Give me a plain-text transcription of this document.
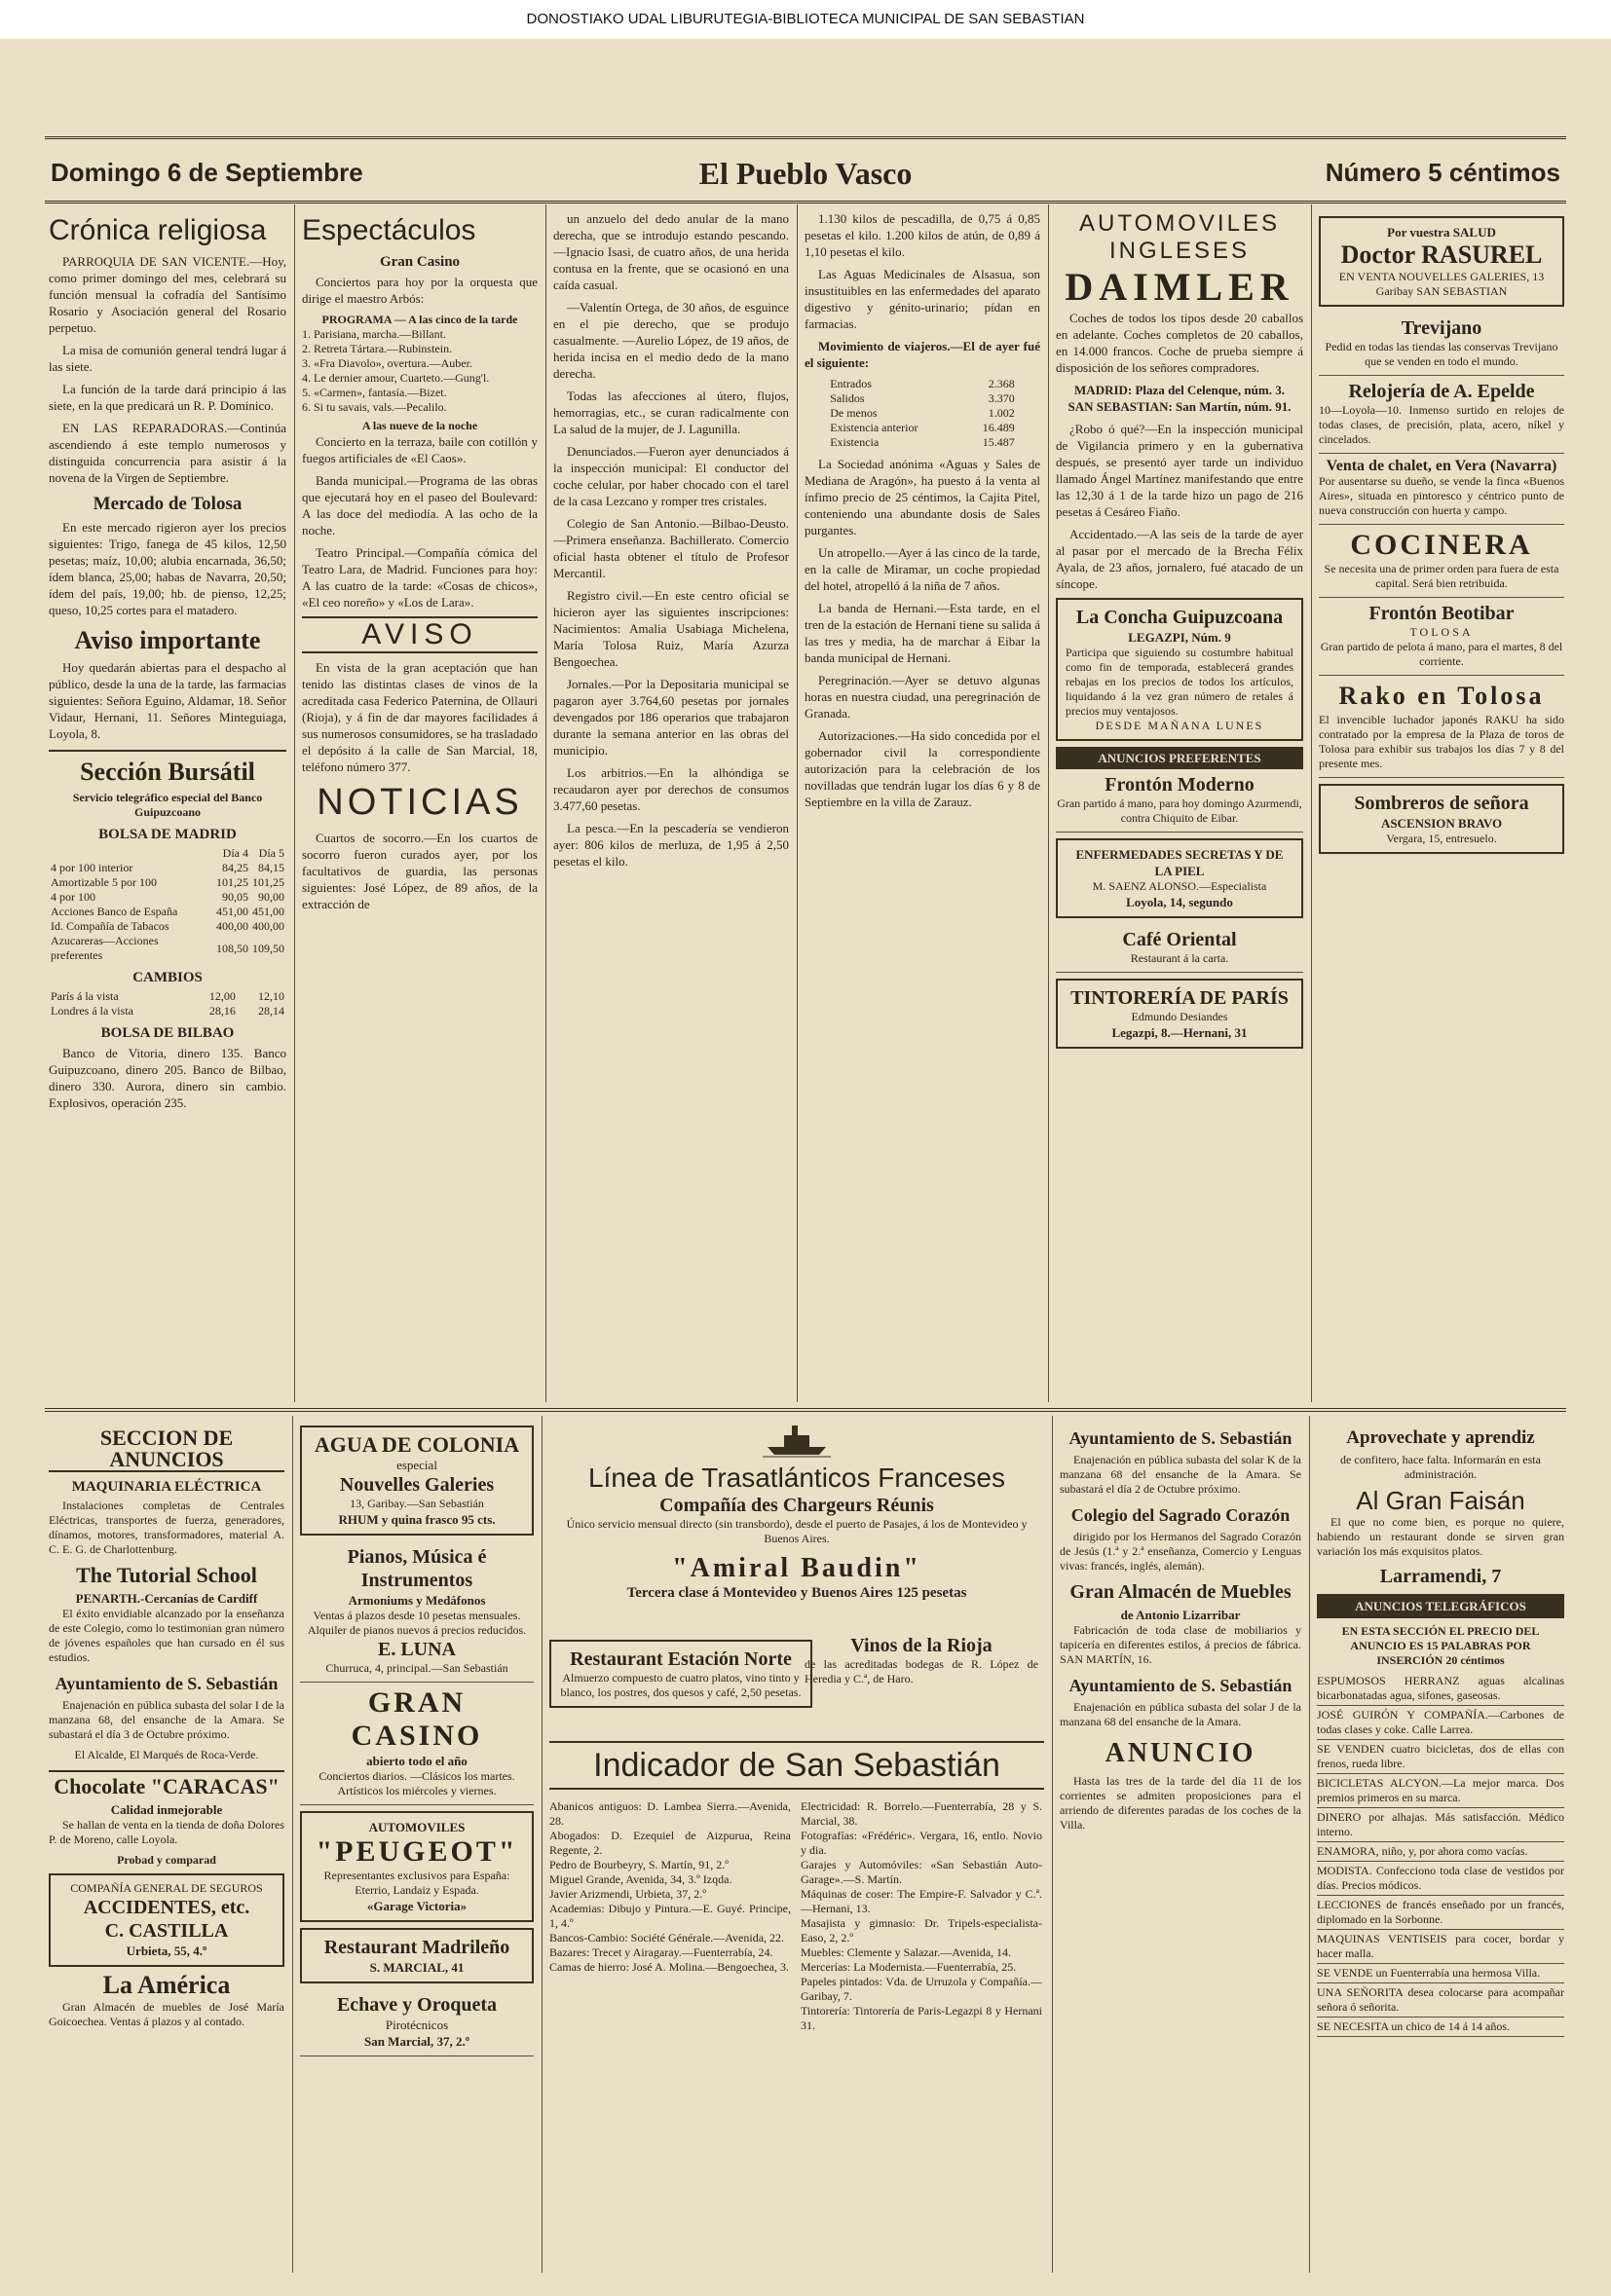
DONOSTIAKO UDAL LIBURUTEGIA-BIBLIOTECA MUNICIPAL DE SAN SEBASTIAN
Domingo 6 de Septiembre	El Pueblo Vasco	Número 5 céntimos
Crónica religiosa

PARROQUIA DE SAN VICENTE.—Hoy, como primer domingo del mes, celebrará su función mensual la cofradía del Santísimo Rosario y Asociación general del Rosario perpetuo.

La misa de comunión general tendrá lugar á las siete.

La función de la tarde dará principio á las siete, en la que predicará un R. P. Dominico.

EN LAS REPARADORAS.—Continúa ascendiendo á este templo numerosos y distinguida concurrencia para asistir á la novena de la Virgen de Septiembre.

Mercado de Tolosa

En este mercado rigieron ayer los precios siguientes: Trigo, fanega de 45 kilos, 12,50 pesetas; maíz, 10,00; alubia encarnada, 36,50; ídem blanca, 25,00; habas de Navarra, 20,50; ídem del país, 19,00; hb. de pienso, 12,25; queso, 10,25 cortes para el matadero.

Aviso importante

Hoy quedarán abiertas para el despacho al público, desde la una de la tarde, las farmacias siguientes: Señora Eguino, Aldamar, 18. Señor Vidaur, Hernani, 11. Señores Minteguiaga, Loyola, 8.

Sección Bursátil
Servicio telegráfico especial del Banco Guipuzcoano
BOLSA DE MADRID
	Día 4	Día 5
4 por 100 interior	84,25	84,15
Amortizable 5 por 100	101,25	101,25
4 por 100	90,05	90,00
Acciones Banco de España	451,00	451,00
Id. Compañía de Tabacos	400,00	400,00
Azucareras—Acciones preferentes	108,50	109,50
CAMBIOS
París á la vista	12,00	12,10
Londres á la vista	28,16	28,14
BOLSA DE BILBAO

Banco de Vitoria, dinero 135. Banco Guipuzcoano, dinero 205. Banco de Bilbao, dinero 330. Aurora, dinero sin cambio. Explosivos, operación 235.

Espectáculos
Gran Casino

Conciertos para hoy por la orquesta que dirige el maestro Arbós:

PROGRAMA — A las cinco de la tarde
1. Parisiana, marcha.—Billant.
2. Retreta Tártara.—Rubinstein.
3. «Fra Diavolo», overtura.—Auber.
4. Le dernier amour, Cuarteto.—Gung'l.
5. «Carmen», fantasía.—Bizet.
6. Si tu savais, vals.—Pecalilo.
A las nueve de la noche

Concierto en la terraza, baile con cotillón y fuegos artificiales de «El Caos».

Banda municipal.—Programa de las obras que ejecutará hoy en el paseo del Boulevard: A las doce del mediodía. A las ocho de la noche.

Teatro Principal.—Compañía cómica del Teatro Lara, de Madrid. Funciones para hoy: A las cuatro de la tarde: «Cosas de chicos», «El ceo noreño» y «Los de Lara».

AVISO

En vista de la gran aceptación que han tenido las distintas clases de vinos de la acreditada casa Federico Paternina, de Ollauri (Rioja), y á fin de dar mayores facilidades á sus numerosos consumidores, se ha trasladado el depósito á la calle de San Marcial, 18, teléfono número 377.

NOTICIAS

Cuartos de socorro.—En los cuartos de socorro fueron curados ayer, por los facultativos de guardia, las personas siguientes: José López, de 89 años, de la extracción de

un anzuelo del dedo anular de la mano derecha, que se introdujo estando pescando. —Ignacio Isasi, de cuatro años, de una herida contusa en la frente, que se ocasionó en una caída casual.

—Valentín Ortega, de 30 años, de esguince en el pie derecho, que se produjo casualmente. —Aurelio López, de 19 años, de herida incisa en el medio dedo de la mano derecha.

Todas las afecciones al útero, flujos, hemorragias, etc., se curan radicalmente con La salud de la mujer, de J. Lagunilla.

Denunciados.—Fueron ayer denunciados á la inspección municipal: El conductor del coche celular, por haber chocado con el tarel de la casa Lezcano y romper tres cristales.

Colegio de San Antonio.—Bilbao-Deusto.—Primera enseñanza. Bachillerato. Comercio oficial hasta obtener el título de Profesor Mercantil.

Registro civil.—En este centro oficial se hicieron ayer las siguientes inscripciones: Nacimientos: Amalia Usabiaga Michelena, María Tolosa Ruiz, María Azurza Bengoechea.

Jornales.—Por la Depositaria municipal se pagaron ayer 3.764,60 pesetas por jornales devengados por 186 operarios que trabajaron durante la semana anterior en las obras del municipio.

Los arbitrios.—En la alhóndiga se recaudaron ayer por derechos de consumos 3.477,60 pesetas.

La pesca.—En la pescadería se vendieron ayer: 806 kilos de merluza, de 1,95 á 2,50 pesetas el kilo.

1.130 kilos de pescadilla, de 0,75 á 0,85 pesetas el kilo. 1.200 kilos de atún, de 0,89 á 1,10 pesetas el kilo.

Las Aguas Medicinales de Alsasua, son insustituibles en las enfermedades del aparato digestivo y génito-urinario; pídan en farmacias.

Movimiento de viajeros.—El de ayer fué el siguiente:

Entrados	2.368
Salidos	3.370
De menos	1.002
Existencia anterior	16.489
Existencia	15.487

La Sociedad anónima «Aguas y Sales de Mediana de Aragón», ha puesto á la venta al ínfimo precio de 25 céntimos, la Cajita Pitel, conteniendo una abundante dosis de Sales purgantes.

Un atropello.—Ayer á las cinco de la tarde, en la calle de Miramar, un coche propiedad del hotel, atropelló á la niña de 7 años.

La banda de Hernani.—Esta tarde, en el tren de la estación de Hernani tiene su salida á las tres y media, ha de marchar á Eibar la banda municipal de Hernani.

Peregrinación.—Ayer se detuvo algunas horas en nuestra ciudad, una peregrinación de Granada.

Autorizaciones.—Ha sido concedida por el gobernador civil la correspondiente autorización para la celebración de los novilladas que tendrán lugar los días 6 y 8 de Septiembre en la villa de Zarauz.

AUTOMOVILES INGLESES
DAIMLER

Coches de todos los tipos desde 20 caballos en adelante. Coches completos de 20 caballos, en 14.000 francos. Coche de prueba siempre á disposición de los señores compradores.

MADRID: Plaza del Celenque, núm. 3.
SAN SEBASTIAN: San Martín, núm. 91.

¿Robo ó qué?—En la inspección municipal de Vigilancia primero y en la gubernativa después, se presentó ayer tarde un individuo llamado Ángel Martínez manifestando que entre las 12,30 á 1 de la tarde hizo un pago de 216 pesetas á Cesáreo Fiaño.

Accidentado.—A las seis de la tarde de ayer al pasar por el mercado de la Brecha Félix Ayala, de 23 años, jornalero, fué atacado de un síncope.

La Concha Guipuzcoana
LEGAZPI, Núm. 9
Participa que siguiendo su costumbre habitual como fin de temporada, establecerá grandes rebajas en los precios de todos los artículos, liquidando á la vez gran número de retales á precios muy ventajosos.
DESDE MAÑANA LUNES
ANUNCIOS PREFERENTES
Frontón Moderno
Gran partido á mano, para hoy domingo Azurmendi, contra Chiquito de Eibar.
ENFERMEDADES SECRETAS Y DE LA PIEL
M. SAENZ ALONSO.—Especialista
Loyola, 14, segundo
Café Oriental
Restaurant á la carta.
TINTORERÍA DE PARÍS
Edmundo Desiandes
Legazpi, 8.—Hernani, 31
Por vuestra SALUD
Doctor RASUREL
EN VENTA NOUVELLES GALERIES, 13 Garibay SAN SEBASTIAN
Trevijano
Pedid en todas las tiendas las conservas Trevijano que se venden en todo el mundo.
Relojería de A. Epelde
10—Loyola—10. Inmenso surtido en relojes de todas clases, de precisión, plata, acero, níkel y cincelados.
Venta de chalet, en Vera (Navarra)
Por ausentarse su dueño, se vende la finca «Buenos Aires», situada en pintoresco y céntrico punto de nueva construcción con huerta y campo.
COCINERA
Se necesita una de primer orden para fuera de esta capital. Será bien retribuida.
Frontón Beotibar
TOLOSA
Gran partido de pelota á mano, para el martes, 8 del corriente.
Rako en Tolosa
El invencible luchador japonés RAKU ha sido contratado por la empresa de la Plaza de toros de Tolosa para exhibir sus trabajos los días 7 y 8 del presente mes.
Sombreros de señora
ASCENSION BRAVO
Vergara, 15, entresuelo.
SECCION DE ANUNCIOS
MAQUINARIA ELÉCTRICA

Instalaciones completas de Centrales Eléctricas, transportes de fuerza, generadores, dínamos, motores, transformadores, material A. C. E. G. de Charlottenburg.

The Tutorial School
PENARTH.-Cercanías de Cardiff

El éxito envidiable alcanzado por la enseñanza de este Colegio, como lo testimonian gran número de jóvenes españoles que han cursado en él sus estudios.

Ayuntamiento de S. Sebastián

Enajenación en pública subasta del solar I de la manzana 68, del ensanche de la Amara. Se subastará el día 3 de Octubre próximo.

El Alcalde, El Marqués de Roca-Verde.
Chocolate "CARACAS"
Calidad inmejorable

Se hallan de venta en la tienda de doña Dolores P. de Moreno, calle Loyola.

Probad y comparad
COMPAÑÍA GENERAL DE SEGUROS
ACCIDENTES, etc.
C. CASTILLA
Urbieta, 55, 4.º
La América

Gran Almacén de muebles de José María Goicoechea. Ventas á plazos y al contado.

AGUA DE COLONIA
especial
Nouvelles Galeries
13, Garibay.—San Sebastián
RHUM y quina frasco 95 cts.
Pianos, Música é Instrumentos
Armoniums y Medáfonos
Ventas á plazos desde 10 pesetas mensuales. Alquiler de pianos nuevos á precios reducidos.
E. LUNA
Churruca, 4, principal.—San Sebastián
GRAN CASINO
abierto todo el año
Conciertos diarios. —Clásicos los martes. Artísticos los miércoles y viernes.
AUTOMOVILES
"PEUGEOT"
Representantes exclusivos para España: Eterrio, Landaiz y Espada.
«Garage Victoria»
Restaurant Madrileño
S. MARCIAL, 41
Echave y Oroqueta
Pirotécnicos
San Marcial, 37, 2.º
Línea de Trasatlánticos Franceses
Compañía des Chargeurs Réunis

Único servicio mensual directo (sin transbordo), desde el puerto de Pasajes, á los de Montevideo y Buenos Aires.

"Amiral Baudin"
Tercera clase á Montevideo y Buenos Aires 125 pesetas
Restaurant Estación Norte
Almuerzo compuesto de cuatro platos, vino tinto y blanco, los postres, dos quesos y café, 2,50 pesetas.
Vinos de la Rioja
de las acreditadas bodegas de R. López de Heredia y C.ª, de Haro.
Indicador de San Sebastián
Abanicos antiguos: D. Lambea Sierra.—Avenida, 28.
Abogados: D. Ezequiel de Aizpurua, Reina Regente, 2.
Pedro de Bourbeyry, S. Martín, 91, 2.º
Miguel Grande, Avenida, 34, 3.º Izqda.
Javier Arizmendi, Urbieta, 37, 2.º
Academias: Dibujo y Pintura.—E. Guyé. Principe, 1, 4.º
Bancos-Cambio: Société Générale.—Avenida, 22.
Bazares: Trecet y Airagaray.—Fuenterrabía, 24.
Camas de hierro: José A. Molina.—Bengoechea, 3.
Electricidad: R. Borrelo.—Fuenterrabía, 28 y S. Marcial, 38.
Fotografías: «Frédéric». Vergara, 16, entlo. Novio y dia.
Garajes y Automóviles: «San Sebastián Auto-Garage».—S. Martín.
Máquinas de coser: The Empire-F. Salvador y C.ª.—Hernani, 13.
Masajista y gimnasio: Dr. Tripels-especialista-Easo, 2, 2.º
Muebles: Clemente y Salazar.—Avenida, 14.
Mercerías: La Modernista.—Fuenterrabía, 25.
Papeles pintados: Vda. de Urruzola y Compañía.—Garibay, 7.
Tintorería: Tintorería de Paris-Legazpi 8 y Hernani 31.
Ayuntamiento de S. Sebastián

Enajenación en pública subasta del solar K de la manzana 68 del ensanche de la Amara. Se subastará el día 2 de Octubre próximo.

Colegio del Sagrado Corazón

dirigido por los Hermanos del Sagrado Corazón de Jesús (1.ª y 2.ª enseñanza, Comercio y Lenguas vivas: francés, inglés, alemán).

Gran Almacén de Muebles
de Antonio Lizarribar

Fabricación de toda clase de mobiliarios y tapicería en diferentes estilos, á precios de fábrica. SAN MARTÍN, 16.

Ayuntamiento de S. Sebastián

Enajenación en pública subasta del solar J de la manzana 68 del ensanche de la Amara.

ANUNCIO

Hasta las tres de la tarde del día 11 de los corrientes se admiten proposiciones para el arriendo de diferentes paradas de los coches de la Villa.

Aprovechate y aprendiz

de confitero, hace falta. Informarán en esta administración.

Al Gran Faisán

El que no come bien, es porque no quiere, habiendo un restaurant donde se sirven gran variación los más exquisitos platos.

Larramendi, 7
ANUNCIOS TELEGRÁFICOS
EN ESTA SECCIÓN EL PRECIO DEL ANUNCIO ES 15 PALABRAS POR INSERCIÓN 20 céntimos
ESPUMOSOS HERRANZ aguas alcalinas bicarbonatadas agua, sifones, gaseosas.
JOSÉ GUIRÓN Y COMPAÑÍA.—Carbones de todas clases y coke. Calle Larrea.
SE VENDEN cuatro bicicletas, dos de ellas con frenos, rueda libre.
BICICLETAS ALCYON.—La mejor marca. Dos premios primeros en su marca.
DINERO por alhajas. Más satisfacción. Médico interno.
ENAMORA, niño, y, por ahora como vacías.
MODISTA. Confecciono toda clase de vestidos por días. Precios módicos.
LECCIONES de francés enseñado por un francés, diplomado en la Sorbonne.
MAQUINAS VENTISEIS para cocer, bordar y hacer malla.
SE VENDE un Fuenterrabía una hermosa Villa.
UNA SEÑORITA desea colocarse para acompañar señora ó señorita.
SE NECESITA un chico de 14 á 14 años.
